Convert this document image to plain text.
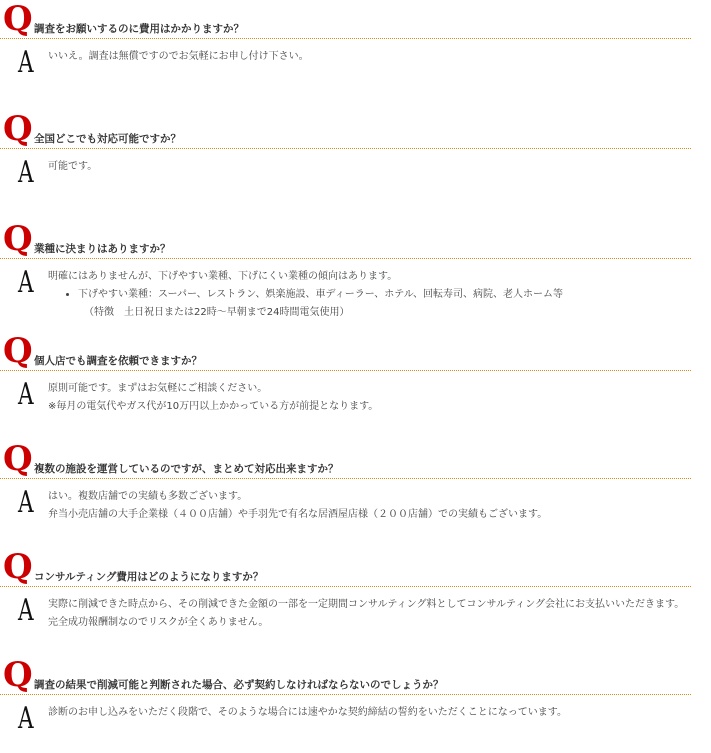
Q 調査をお願いするのに費用はかかりますか？
A いいえ。調査は無償ですのでお気軽にお申し付け下さい。

Q 全国どこでも対応可能ですか？
A 可能です。

Q 業種に決まりはありますか？
A 明確にはありませんが、下げやすい業種、下げにくい業種の傾向はあります。

• 下げやすい業種：スーパー、レストラン、娯楽施設、車ディーラー、ホテル、回転寿司、病院、老人ホーム等

（特徴　土日祝日または22時〜早朝まで24時間電気使用）

Q 個人店でも調査を依頼できますか？
A 原則可能です。まずはお気軽にご相談ください。

※毎月の電気代やガス代が10万円以上かかっている方が前提となります。

Q 複数の施設を運営しているのですが、まとめて対応出来ますか？
A はい。複数店舗での実績も多数ございます。

弁当小売店舗の大手企業様（４００店舗）や手羽先で有名な居酒屋店様（２００店舗）での実績もございます。

Q コンサルティング費用はどのようになりますか？
A 実際に削減できた時点から、その削減できた金額の一部を一定期間コンサルティング料としてコンサルティング会社にお支払いいただきます。完全成功報酬制なのでリスクが全くありません。

Q 調査の結果で削減可能と判断された場合、必ず契約しなければならないのでしょうか？
A 診断のお申し込みをいただく段階で、そのような場合には速やかな契約締結の誓約をいただくことになっています。
